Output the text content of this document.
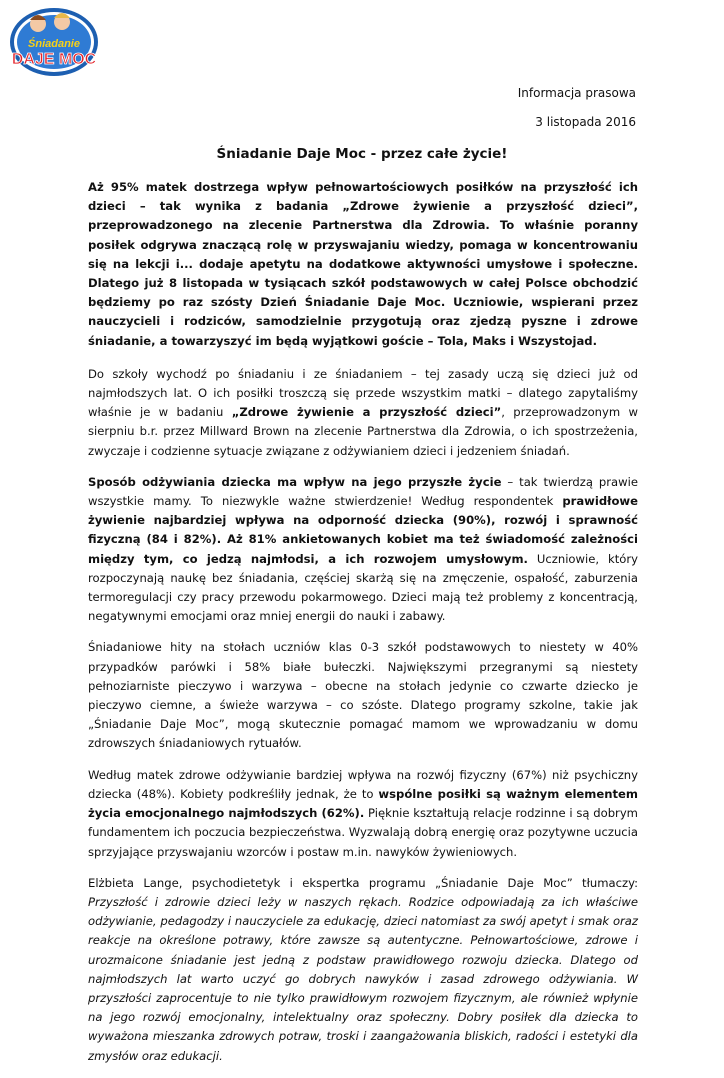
Śniadanie
DAJE MOC
Informacja prasowa
3 listopada 2016
Śniadanie Daje Moc - przez całe życie!

Aż 95% matek dostrzega wpływ pełnowartościowych posiłków na przyszłość ich dzieci – tak wynika z badania „Zdrowe żywienie a przyszłość dzieci”, przeprowadzonego na zlecenie Partnerstwa dla Zdrowia. To właśnie poranny posiłek odgrywa znaczącą rolę w przyswajaniu wiedzy, pomaga w koncentrowaniu się na lekcji i... dodaje apetytu na dodatkowe aktywności umysłowe i społeczne. Dlatego już 8 listopada w tysiącach szkół podstawowych w całej Polsce obchodzić będziemy po raz szósty Dzień Śniadanie Daje Moc. Uczniowie, wspierani przez nauczycieli i rodziców, samodzielnie przygotują oraz zjedzą pyszne i zdrowe śniadanie, a towarzyszyć im będą wyjątkowi goście – Tola, Maks i Wszystojad.

Do szkoły wychodź po śniadaniu i ze śniadaniem – tej zasady uczą się dzieci już od najmłodszych lat. O ich posiłki troszczą się przede wszystkim matki – dlatego zapytaliśmy właśnie je w badaniu „Zdrowe żywienie a przyszłość dzieci”, przeprowadzonym w sierpniu b.r. przez Millward Brown na zlecenie Partnerstwa dla Zdrowia, o ich spostrzeżenia, zwyczaje i codzienne sytuacje związane z odżywianiem dzieci i jedzeniem śniadań.

Sposób odżywiania dziecka ma wpływ na jego przyszłe życie – tak twierdzą prawie wszystkie mamy. To niezwykle ważne stwierdzenie! Według respondentek prawidłowe żywienie najbardziej wpływa na odporność dziecka (90%), rozwój i sprawność fizyczną (84 i 82%). Aż 81% ankietowanych kobiet ma też świadomość zależności między tym, co jedzą najmłodsi, a ich rozwojem umysłowym. Uczniowie, który rozpoczynają naukę bez śniadania, częściej skarżą się na zmęczenie, ospałość, zaburzenia termoregulacji czy pracy przewodu pokarmowego. Dzieci mają też problemy z koncentracją, negatywnymi emocjami oraz mniej energii do nauki i zabawy.

Śniadaniowe hity na stołach uczniów klas 0-3 szkół podstawowych to niestety w 40% przypadków parówki i 58% białe bułeczki. Największymi przegranymi są niestety pełnoziarniste pieczywo i warzywa – obecne na stołach jedynie co czwarte dziecko je pieczywo ciemne, a świeże warzywa – co szóste. Dlatego programy szkolne, takie jak „Śniadanie Daje Moc”, mogą skutecznie pomagać mamom we wprowadzaniu w domu zdrowszych śniadaniowych rytuałów.

Według matek zdrowe odżywianie bardziej wpływa na rozwój fizyczny (67%) niż psychiczny dziecka (48%). Kobiety podkreśliły jednak, że to wspólne posiłki są ważnym elementem życia emocjonalnego najmłodszych (62%). Pięknie kształtują relacje rodzinne i są dobrym fundamentem ich poczucia bezpieczeństwa. Wyzwalają dobrą energię oraz pozytywne uczucia sprzyjające przyswajaniu wzorców i postaw m.in. nawyków żywieniowych.

Elżbieta Lange, psychodietetyk i ekspertka programu „Śniadanie Daje Moc” tłumaczy: Przyszłość i zdrowie dzieci leży w naszych rękach. Rodzice odpowiadają za ich właściwe odżywianie, pedagodzy i nauczyciele za edukację, dzieci natomiast za swój apetyt i smak oraz reakcje na określone potrawy, które zawsze są autentyczne. Pełnowartościowe, zdrowe i urozmaicone śniadanie jest jedną z podstaw prawidłowego rozwoju dziecka. Dlatego od najmłodszych lat warto uczyć go dobrych nawyków i zasad zdrowego odżywiania. W przyszłości zaprocentuje to nie tylko prawidłowym rozwojem fizycznym, ale również wpłynie na jego rozwój emocjonalny, intelektualny oraz społeczny. Dobry posiłek dla dziecka to wyważona mieszanka zdrowych potraw, troski i zaangażowania bliskich, radości i estetyki dla zmysłów oraz edukacji.
